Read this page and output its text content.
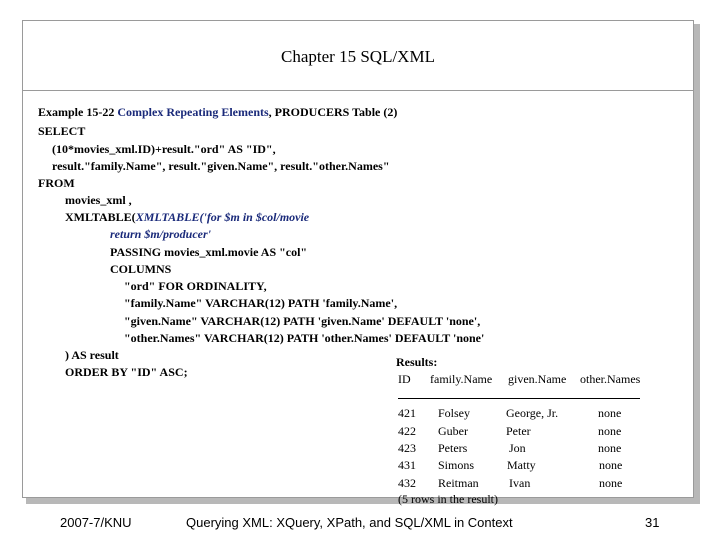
Chapter 15 SQL/XML
Example 15-22 Complex Repeating Elements, PRODUCERS Table (2)
SELECT
(10*movies_xml.ID)+result."ord" AS "ID",
result."family.Name", result."given.Name", result."other.Names"
FROM
movies_xml ,
XMLTABLE(XMLTABLE('for $m in $col/movie
return $m/producer'
PASSING movies_xml.movie AS "col"
COLUMNS
"ord" FOR ORDINALITY,
"family.Name" VARCHAR(12) PATH 'family.Name',
"given.Name" VARCHAR(12) PATH 'given.Name' DEFAULT 'none',
"other.Names" VARCHAR(12) PATH 'other.Names' DEFAULT 'none'
) AS result
ORDER BY "ID" ASC;
Results:
ID family.Name given.Name other.Names
421 Folsey	George, Jr.	none
422 Guber	Peter	none
423 Peters	Jon	none
431 Simons	Matty	none
432 Reitman	Ivan	none
(5 rows in the result)
2007-7/KNU	Querying XML: XQuery, XPath, and SQL/XML in Context	31
